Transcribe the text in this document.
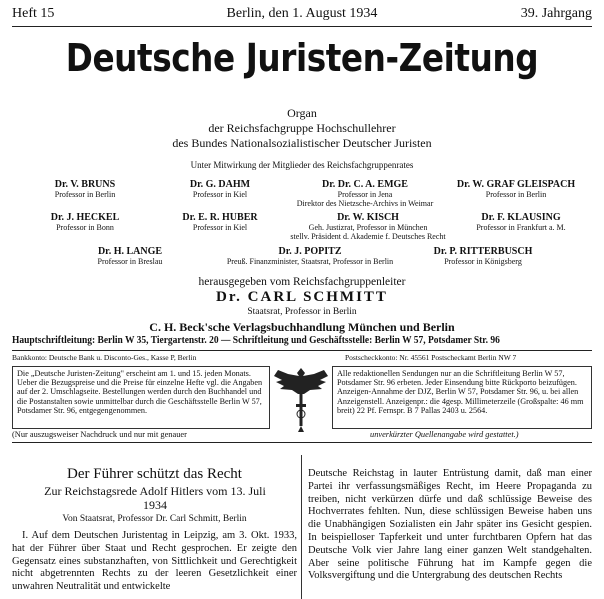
Heft 15	Berlin, den 1. August 1934	39. Jahrgang
Deutsche Juristen-Zeitung
Organ
der Reichsfachgruppe Hochschullehrer
des Bundes Nationalsozialistischer Deutscher Juristen
Unter Mitwirkung der Mitglieder des Reichsfachgruppenrates
Dr. V. BRUNS
Professor in Berlin
Dr. G. DAHM
Professor in Kiel
Dr. Dr. C. A. EMGE
Professor in Jena
Direktor des Nietzsche-Archivs in Weimar
Dr. W. GRAF GLEISPACH
Professor in Berlin
Dr. J. HECKEL
Professor in Bonn
Dr. E. R. HUBER
Professor in Kiel
Dr. W. KISCH
Geh. Justizrat, Professor in München
stellv. Präsident d. Akademie f. Deutsches Recht
Dr. F. KLAUSING
Professor in Frankfurt a. M.
Dr. H. LANGE
Professor in Breslau
Dr. J. POPITZ
Preuß. Finanzminister, Staatsrat, Professor in Berlin
Dr. P. RITTERBUSCH
Professor in Königsberg
herausgegeben vom Reichsfachgruppenleiter
Dr. CARL SCHMITT
Staatsrat, Professor in Berlin
C. H. Beck'sche Verlagsbuchhandlung München und Berlin
Hauptschriftleitung: Berlin W 35, Tiergartenstr. 20 — Schriftleitung und Geschäftsstelle: Berlin W 57, Potsdamer Str. 96
Bankkonto: Deutsche Bank u. Disconto-Ges., Kasse P, Berlin	Postscheckkonto: Nr. 45561 Postscheckamt Berlin NW 7
Die „Deutsche Juristen-Zeitung" erscheint am 1. und 15. jeden Monats. Ueber die Bezugspreise und die Preise für einzelne Hefte vgl. die Angaben auf der 2. Umschlagseite. Bestellungen werden durch den Buchhandel und die Postanstalten sowie unmittelbar durch die Geschäftsstelle Berlin W 57, Potsdamer Str. 96, entgegengenommen.
Alle redaktionellen Sendungen nur an die Schriftleitung Berlin W 57, Potsdamer Str. 96 erbeten. Jeder Einsendung bitte Rückporto beizufügen. Anzeigen-Annahme der DJZ, Berlin W 57, Potsdamer Str. 96, u. bei allen Anzeigenstell. Anzeigenpr.: die 4gesp. Millimeterzeile (Großspalte: 46 mm breit) 22 Pf. Fernspr. B 7 Pallas 2403 u. 2564.
(Nur auszugsweiser Nachdruck und nur mit genauer	unverkürzter Quellenangabe wird gestattet.)
Der Führer schützt das Recht
Zur Reichstagsrede Adolf Hitlers vom 13. Juli 1934
Von Staatsrat, Professor Dr. Carl Schmitt, Berlin
I. Auf dem Deutschen Juristentag in Leipzig, am 3. Okt. 1933, hat der Führer über Staat und Recht gesprochen. Er zeigte den Gegensatz eines substanzhaften, von Sittlichkeit und Gerechtigkeit nicht abgetrennten Rechts zu der leeren Gesetzlichkeit einer unwahren Neutralität und entwickelte
Deutsche Reichstag in lauter Entrüstung damit, daß man einer Partei ihr verfassungsmäßiges Recht, im Heere Propaganda zu treiben, nicht verkürzen dürfe und daß schlüssige Beweise des Hochverrates fehlten. Nun, diese schlüssigen Beweise haben uns die Unabhängigen Sozialisten ein Jahr später ins Gesicht gespien. In beispielloser Tapferkeit und unter furchtbaren Opfern hat das Deutsche Volk vier Jahre lang einer ganzen Welt standgehalten. Aber seine politische Führung hat im Kampfe gegen die Volksvergiftung und die Untergrabung des deutschen Rechts
